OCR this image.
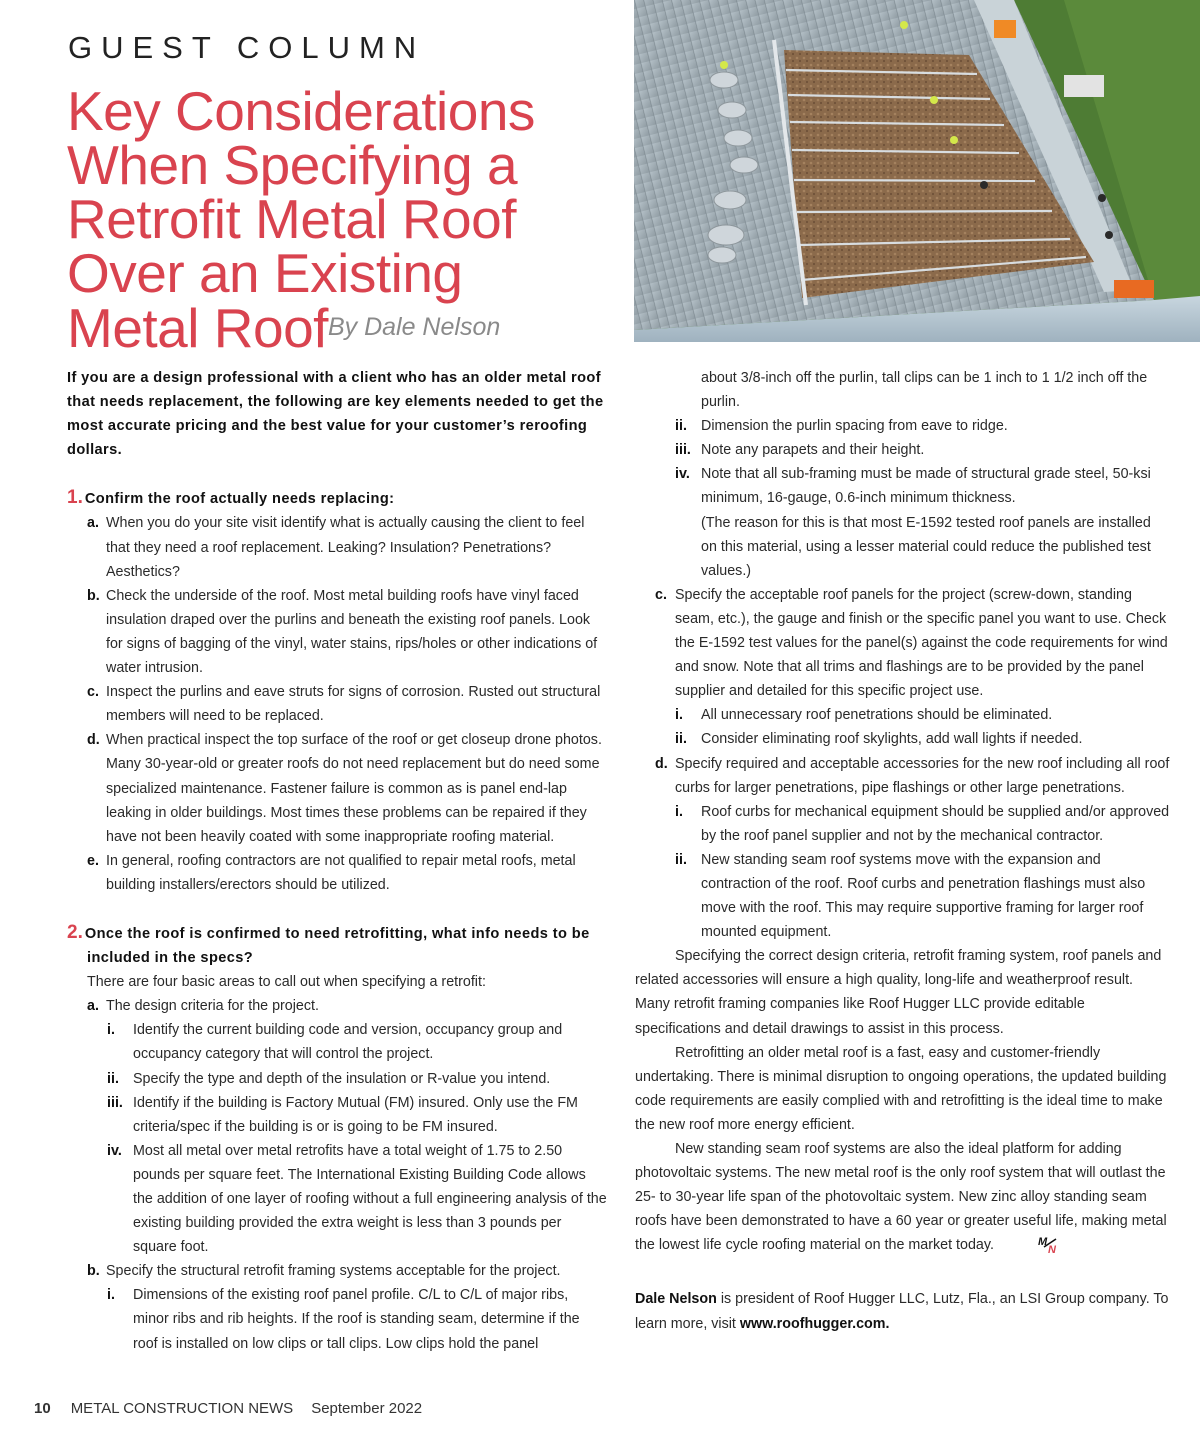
GUEST COLUMN
Key Considerations
When Specifying a
Retrofit Metal Roof
Over an Existing
Metal Roof$^{By Dale Nelson}$

If you are a design professional with a client who has an older metal roof that needs replacement, the following are key elements needed to get the most accurate pricing and the best value for your customer’s reroofing dollars.

1. Confirm the roof actually needs replacing:

a. When you do your site visit identify what is actually causing the client to feel that they need a roof replacement. Leaking? Insulation? Penetrations? Aesthetics?
b. Check the underside of the roof. Most metal building roofs have vinyl faced insulation draped over the purlins and beneath the existing roof panels. Look for signs of bagging of the vinyl, water stains, rips/holes or other indications of water intrusion.
c. Inspect the purlins and eave struts for signs of corrosion. Rusted out structural members will need to be replaced.
d. When practical inspect the top surface of the roof or get closeup drone photos. Many 30-year-old or greater roofs do not need replacement but do need some specialized maintenance. Fastener failure is common as is panel end-lap leaking in older buildings. Most times these problems can be repaired if they have not been heavily coated with some inappropriate roofing material.
e. In general, roofing contractors are not qualified to repair metal roofs, metal building installers/erectors should be utilized.

2. Once the roof is confirmed to need retrofitting, what info needs to be included in the specs?

There are four basic areas to call out when specifying a retrofit:

a. The design criteria for the project.
i. Identify the current building code and version, occupancy group and occupancy category that will control the project.
ii. Specify the type and depth of the insulation or R-value you intend.
iii. Identify if the building is Factory Mutual (FM) insured. Only use the FM criteria/spec if the building is or is going to be FM insured.
iv. Most all metal over metal retrofits have a total weight of 1.75 to 2.50 pounds per square feet. The International Existing Building Code allows the addition of one layer of roofing without a full engineering analysis of the existing building provided the extra weight is less than 3 pounds per square foot.
b. Specify the structural retrofit framing systems acceptable for the project.
i. Dimensions of the existing roof panel profile. C/L to C/L of major ribs, minor ribs and rib heights. If the roof is standing seam, determine if the roof is installed on low clips or tall clips. Low clips hold the panel

about 3/8-inch off the purlin, tall clips can be 1 inch to 1 1/2 inch off the purlin.

ii. Dimension the purlin spacing from eave to ridge.
iii. Note any parapets and their height.
iv. Note that all sub-framing must be made of structural grade steel, 50-ksi minimum, 16-gauge, 0.6-inch minimum thickness.

(The reason for this is that most E-1592 tested roof panels are installed on this material, using a lesser material could reduce the published test values.)

c. Specify the acceptable roof panels for the project (screw-down, standing seam, etc.), the gauge and finish or the specific panel you want to use. Check the E-1592 test values for the panel(s) against the code requirements for wind and snow. Note that all trims and flashings are to be provided by the panel supplier and detailed for this specific project use.
i. All unnecessary roof penetrations should be eliminated.
ii. Consider eliminating roof skylights, add wall lights if needed.
d. Specify required and acceptable accessories for the new roof including all roof curbs for larger penetrations, pipe flashings or other large penetrations.
i. Roof curbs for mechanical equipment should be supplied and/or approved by the roof panel supplier and not by the mechanical contractor.
ii. New standing seam roof systems move with the expansion and contraction of the roof. Roof curbs and penetration flashings must also move with the roof. This may require supportive framing for larger roof mounted equipment.

Specifying the correct design criteria, retrofit framing system, roof panels and related accessories will ensure a high quality, long-life and weatherproof result. Many retrofit framing companies like Roof Hugger LLC provide editable specifications and detail drawings to assist in this process.

Retrofitting an older metal roof is a fast, easy and customer-friendly undertaking. There is minimal disruption to ongoing operations, the updated building code requirements are easily complied with and retrofitting is the ideal time to make the new roof more energy efficient.

New standing seam roof systems are also the ideal platform for adding photovoltaic systems. The new metal roof is the only roof system that will outlast the 25- to 30-year life span of the photovoltaic system. New zinc alloy standing seam roofs have been demonstrated to have a 60 year or greater useful life, making metal the lowest life cycle roofing material on the market today.	M
N

Dale Nelson is president of Roof Hugger LLC, Lutz, Fla., an LSI Group company. To learn more, visit www.roofhugger.com.

10 METAL CONSTRUCTION NEWS September 2022
